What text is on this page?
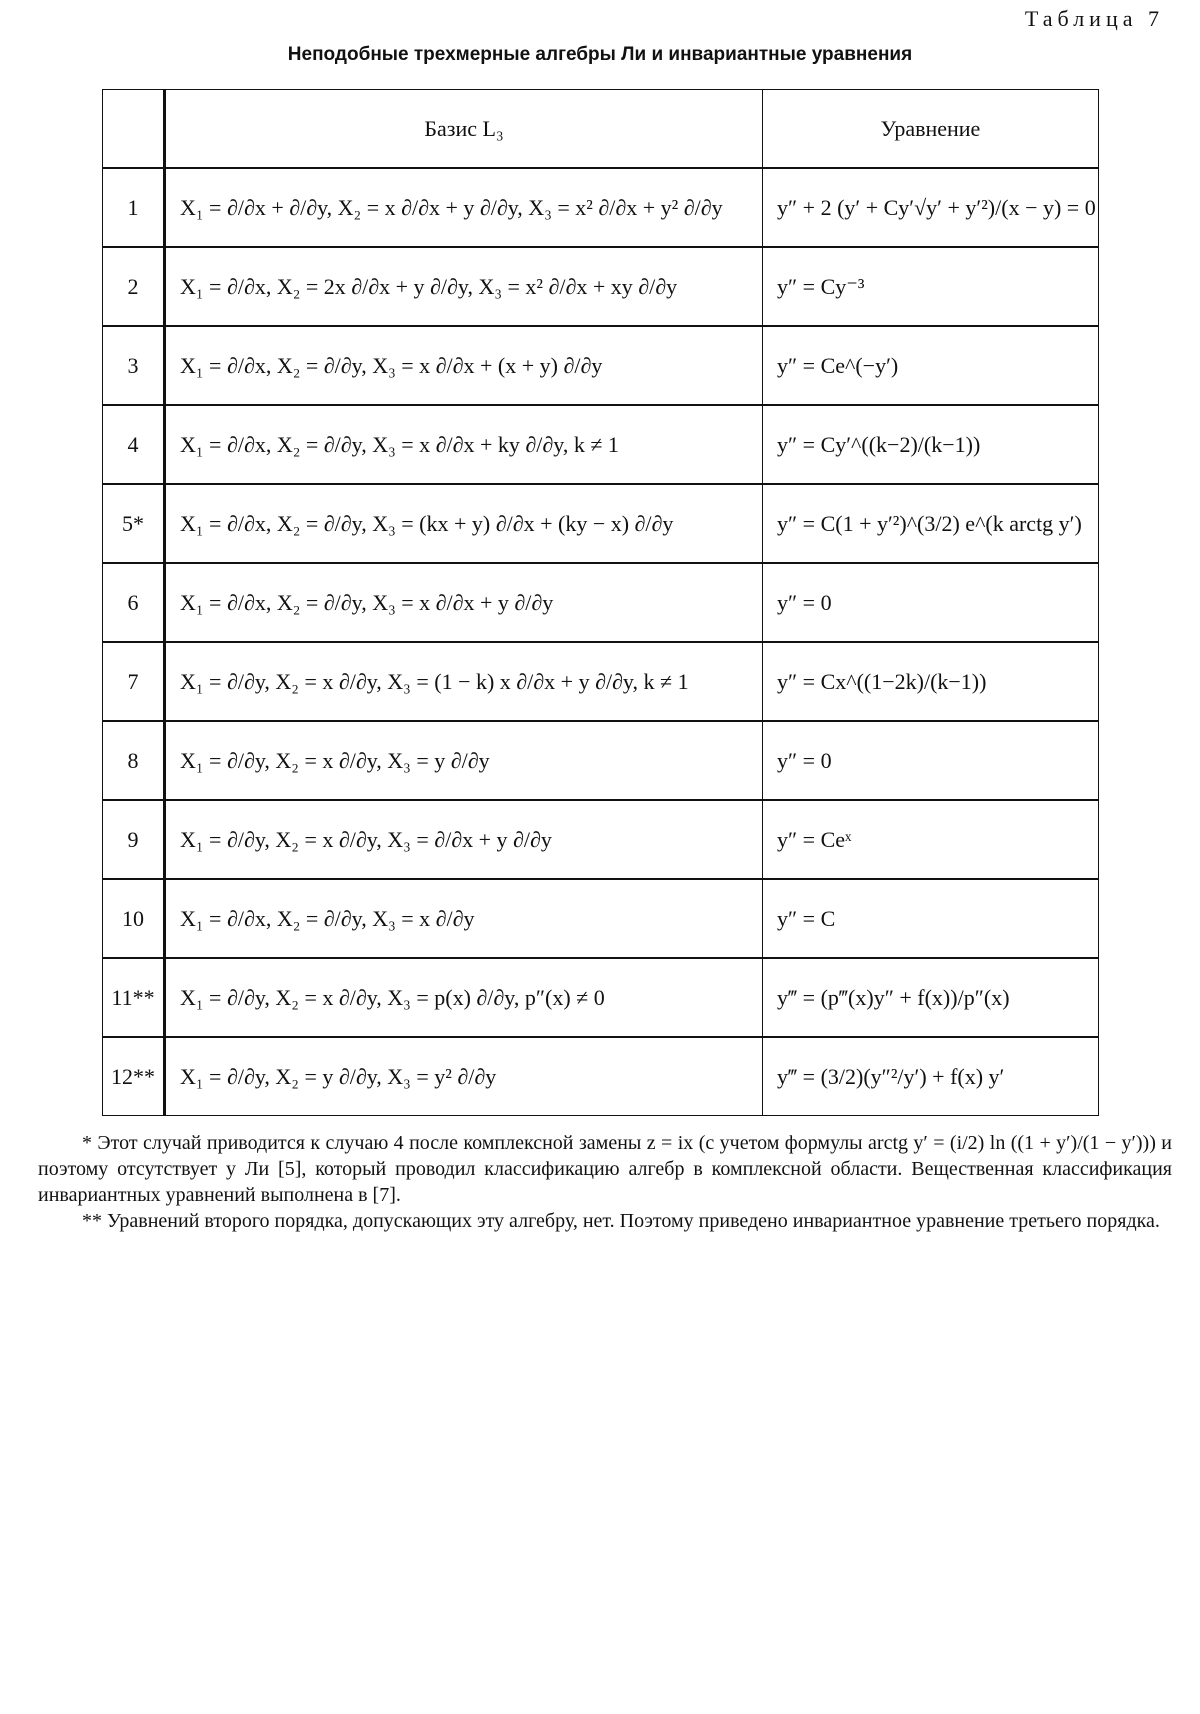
Таблица 7
Неподобные трехмерные алгебры Ли и инвариантные уравнения
	Базис L₃	Уравнение
1	X₁ = ∂/∂x + ∂/∂y, X₂ = x ∂/∂x + y ∂/∂y, X₃ = x² ∂/∂x + y² ∂/∂y	y″ + 2 (y′ + Cy′√y′ + y′²)/(x − y) = 0
2	X₁ = ∂/∂x, X₂ = 2x ∂/∂x + y ∂/∂y, X₃ = x² ∂/∂x + xy ∂/∂y	y″ = Cy⁻³
3	X₁ = ∂/∂x, X₂ = ∂/∂y, X₃ = x ∂/∂x + (x + y) ∂/∂y	y″ = Ce^(−y′)
4	X₁ = ∂/∂x, X₂ = ∂/∂y, X₃ = x ∂/∂x + ky ∂/∂y, k ≠ 1	y″ = Cy′^((k−2)/(k−1))
5*	X₁ = ∂/∂x, X₂ = ∂/∂y, X₃ = (kx + y) ∂/∂x + (ky − x) ∂/∂y	y″ = C(1 + y′²)^(3/2) e^(k arctg y′)
6	X₁ = ∂/∂x, X₂ = ∂/∂y, X₃ = x ∂/∂x + y ∂/∂y	y″ = 0
7	X₁ = ∂/∂y, X₂ = x ∂/∂y, X₃ = (1 − k) x ∂/∂x + y ∂/∂y, k ≠ 1	y″ = Cx^((1−2k)/(k−1))
8	X₁ = ∂/∂y, X₂ = x ∂/∂y, X₃ = y ∂/∂y	y″ = 0
9	X₁ = ∂/∂y, X₂ = x ∂/∂y, X₃ = ∂/∂x + y ∂/∂y	y″ = Ceˣ
10	X₁ = ∂/∂x, X₂ = ∂/∂y, X₃ = x ∂/∂y	y″ = C
11**	X₁ = ∂/∂y, X₂ = x ∂/∂y, X₃ = p(x) ∂/∂y, p″(x) ≠ 0	y‴ = (p‴(x)y″ + f(x))/p″(x)
12**	X₁ = ∂/∂y, X₂ = y ∂/∂y, X₃ = y² ∂/∂y	y‴ = (3/2)(y″²/y′) + f(x) y′

* Этот случай приводится к случаю 4 после комплексной замены z = ix (с учетом формулы arctg y′ = (i/2) ln ((1 + y′)/(1 − y′))) и поэтому отсутствует у Ли [5], который проводил классификацию алгебр в комплексной области. Вещественная классификация инвариантных уравнений выполнена в [7].

** Уравнений второго порядка, допускающих эту алгебру, нет. Поэтому приведено инвариантное уравнение третьего порядка.
